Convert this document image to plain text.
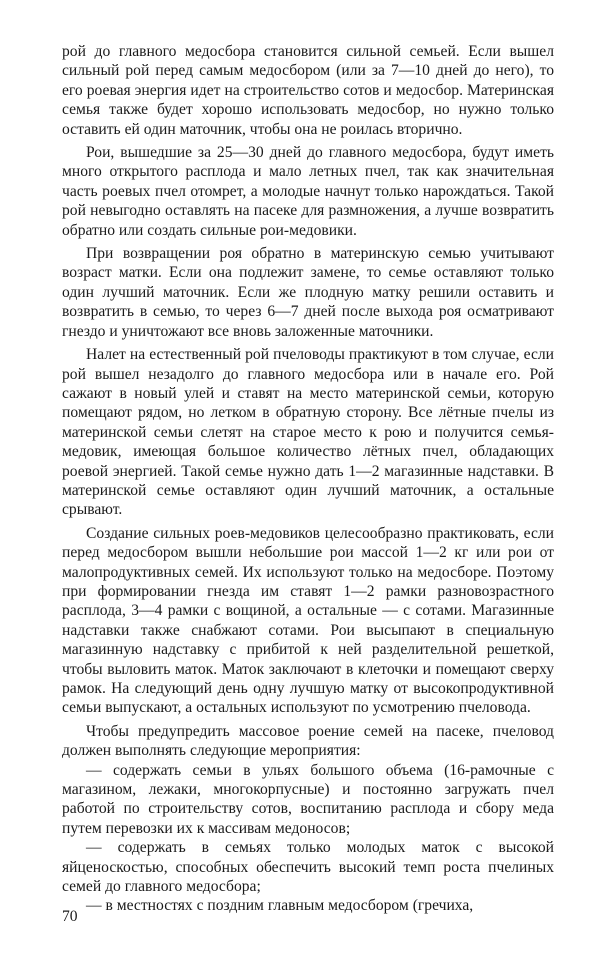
рой до главного медосбора становится сильной семьей. Если вышел сильный рой перед самым медосбором (или за 7—10 дней до него), то его роевая энергия идет на строительство сотов и медосбор. Материнская семья также будет хорошо использовать медосбор, но нужно только оставить ей один маточник, чтобы она не роилась вторично.

Рои, вышедшие за 25—30 дней до главного медосбора, будут иметь много открытого расплода и мало летных пчел, так как значительная часть роевых пчел отомрет, а молодые начнут только нарождаться. Такой рой невыгодно оставлять на пасеке для размножения, а лучше возвратить обратно или создать сильные рои-медовики.

При возвращении роя обратно в материнскую семью учитывают возраст матки. Если она подлежит замене, то семье оставляют только один лучший маточник. Если же плодную матку решили оставить и возвратить в семью, то через 6—7 дней после выхода роя осматривают гнездо и уничтожают все вновь заложенные маточники.

Налет на естественный рой пчеловоды практикуют в том случае, если рой вышел незадолго до главного медосбора или в начале его. Рой сажают в новый улей и ставят на место материнской семьи, которую помещают рядом, но летком в обратную сторону. Все лётные пчелы из материнской семьи слетят на старое место к рою и получится семья-медовик, имеющая большое количество лётных пчел, обладающих роевой энергией. Такой семье нужно дать 1—2 магазинные надставки. В материнской семье оставляют один лучший маточник, а остальные срывают.

Создание сильных роев-медовиков целесообразно практиковать, если перед медосбором вышли небольшие рои массой 1—2 кг или рои от малопродуктивных семей. Их используют только на медосборе. Поэтому при формировании гнезда им ставят 1—2 рамки разновозрастного расплода, 3—4 рамки с вощиной, а остальные — с сотами. Магазинные надставки также снабжают сотами. Рои высыпают в специальную магазинную надставку с прибитой к ней разделительной решеткой, чтобы выловить маток. Маток заключают в клеточки и помещают сверху рамок. На следующий день одну лучшую матку от высокопродуктивной семьи выпускают, а остальных используют по усмотрению пчеловода.

Чтобы предупредить массовое роение семей на пасеке, пчеловод должен выполнять следующие мероприятия:

— содержать семьи в ульях большого объема (16-рамочные с магазином, лежаки, многокорпусные) и постоянно загружать пчел работой по строительству сотов, воспитанию расплода и сбору меда путем перевозки их к массивам медоносов;

— содержать в семьях только молодых маток с высокой яйценоскостью, способных обеспечить высокий темп роста пчелиных семей до главного медосбора;

— в местностях с поздним главным медосбором (гречиха,

70
